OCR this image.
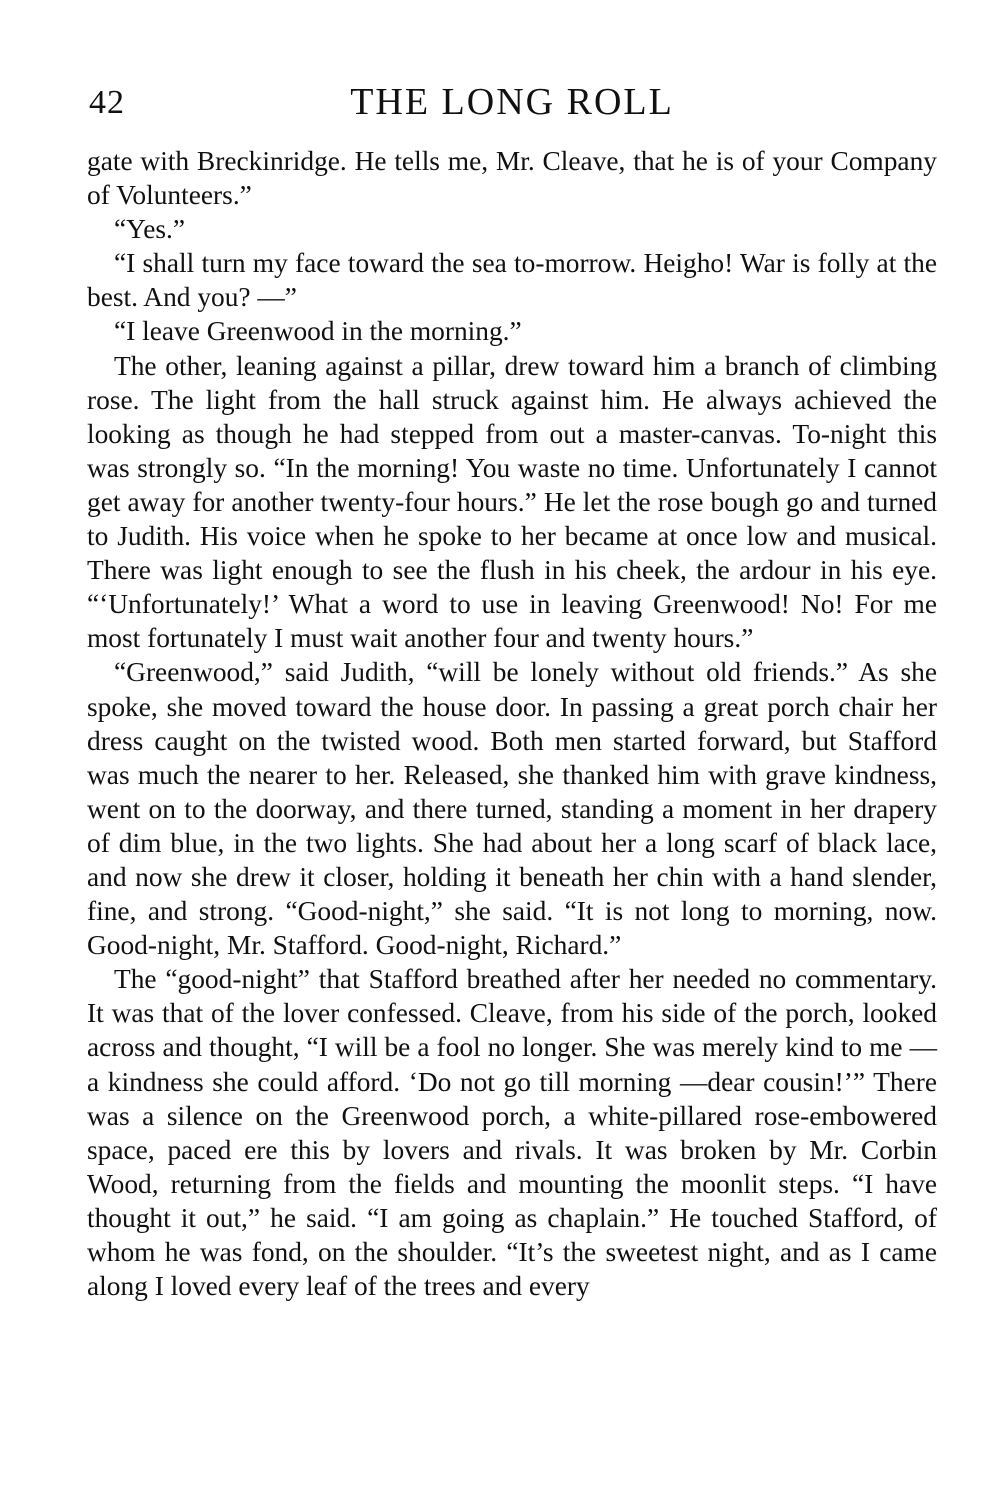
42	THE LONG ROLL

gate with Breckinridge. He tells me, Mr. Cleave, that he is of your Company of Volunteers.”

“Yes.”

“I shall turn my face toward the sea to-morrow. Heigho! War is folly at the best. And you? —”

“I leave Greenwood in the morning.”

The other, leaning against a pillar, drew toward him a branch of climbing rose. The light from the hall struck against him. He always achieved the looking as though he had stepped from out a master-canvas. To-night this was strongly so. “In the morning! You waste no time. Unfortunately I cannot get away for another twenty-four hours.” He let the rose bough go and turned to Judith. His voice when he spoke to her became at once low and musical. There was light enough to see the flush in his cheek, the ardour in his eye. “‘Unfortunately!’ What a word to use in leaving Greenwood! No! For me most fortunately I must wait another four and twenty hours.”

“Greenwood,” said Judith, “will be lonely without old friends.” As she spoke, she moved toward the house door. In passing a great porch chair her dress caught on the twisted wood. Both men started forward, but Stafford was much the nearer to her. Released, she thanked him with grave kindness, went on to the doorway, and there turned, standing a moment in her drapery of dim blue, in the two lights. She had about her a long scarf of black lace, and now she drew it closer, holding it beneath her chin with a hand slender, fine, and strong. “Good-night,” she said. “It is not long to morning, now. Good-night, Mr. Stafford. Good-night, Richard.”

The “good-night” that Stafford breathed after her needed no commentary. It was that of the lover confessed. Cleave, from his side of the porch, looked across and thought, “I will be a fool no longer. She was merely kind to me — a kindness she could afford. ‘Do not go till morning —dear cousin!’” There was a silence on the Greenwood porch, a white-pillared rose-embowered space, paced ere this by lovers and rivals. It was broken by Mr. Corbin Wood, returning from the fields and mounting the moonlit steps. “I have thought it out,” he said. “I am going as chaplain.” He touched Stafford, of whom he was fond, on the shoulder. “It’s the sweetest night, and as I came along I loved every leaf of the trees and every
